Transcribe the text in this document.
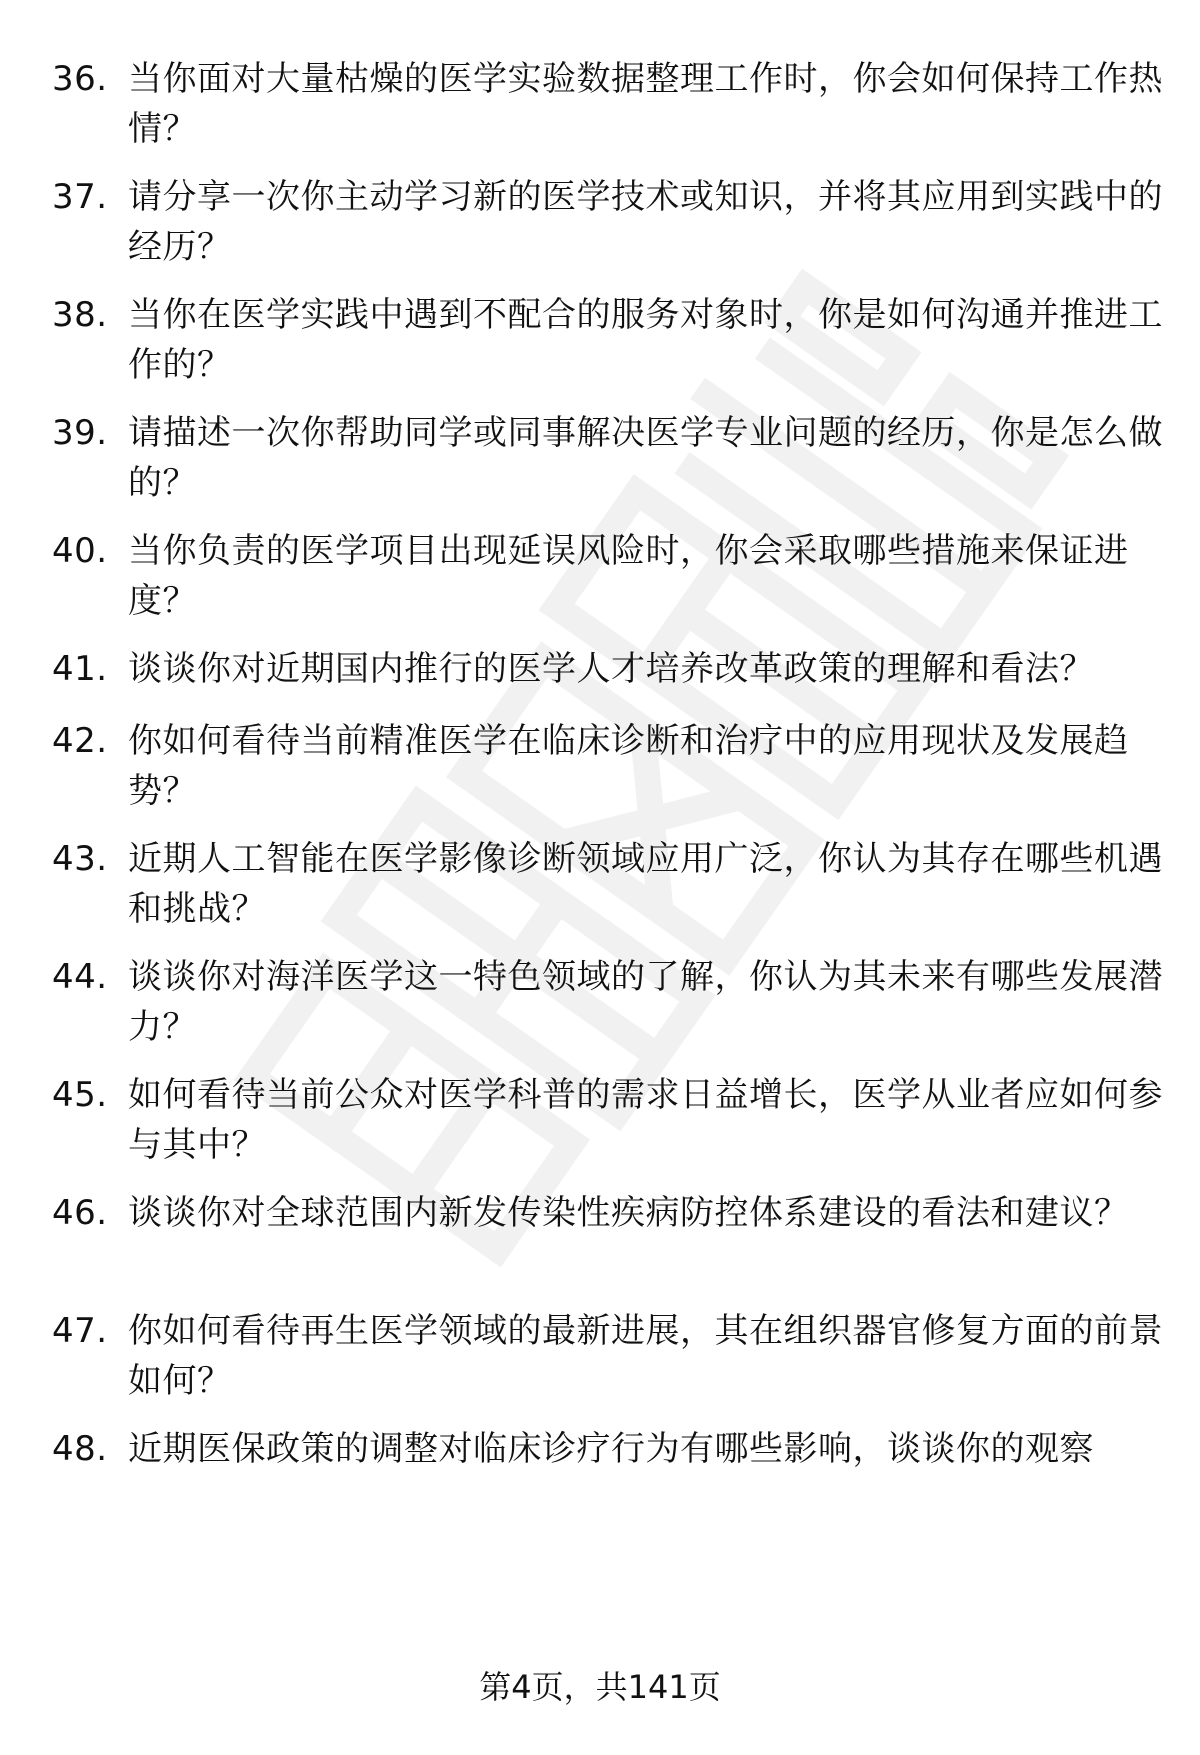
36. 当你面对大量枯燥的医学实验数据整理工作时，你会如何保持工作热情？
37. 请分享一次你主动学习新的医学技术或知识，并将其应用到实践中的经历？
38. 当你在医学实践中遇到不配合的服务对象时，你是如何沟通并推进工作的？
39. 请描述一次你帮助同学或同事解决医学专业问题的经历，你是怎么做的？
40. 当你负责的医学项目出现延误风险时，你会采取哪些措施来保证进度？
41. 谈谈你对近期国内推行的医学人才培养改革政策的理解和看法？
42. 你如何看待当前精准医学在临床诊断和治疗中的应用现状及发展趋势？
43. 近期人工智能在医学影像诊断领域应用广泛，你认为其存在哪些机遇和挑战？
44. 谈谈你对海洋医学这一特色领域的了解，你认为其未来有哪些发展潜力？
45. 如何看待当前公众对医学科普的需求日益增长，医学从业者应如何参与其中？
46. 谈谈你对全球范围内新发传染性疾病防控体系建设的看法和建议？
47. 你如何看待再生医学领域的最新进展，其在组织器官修复方面的前景如何？
48. 近期医保政策的调整对临床诊疗行为有哪些影响，谈谈你的观察
第4页，共141页
